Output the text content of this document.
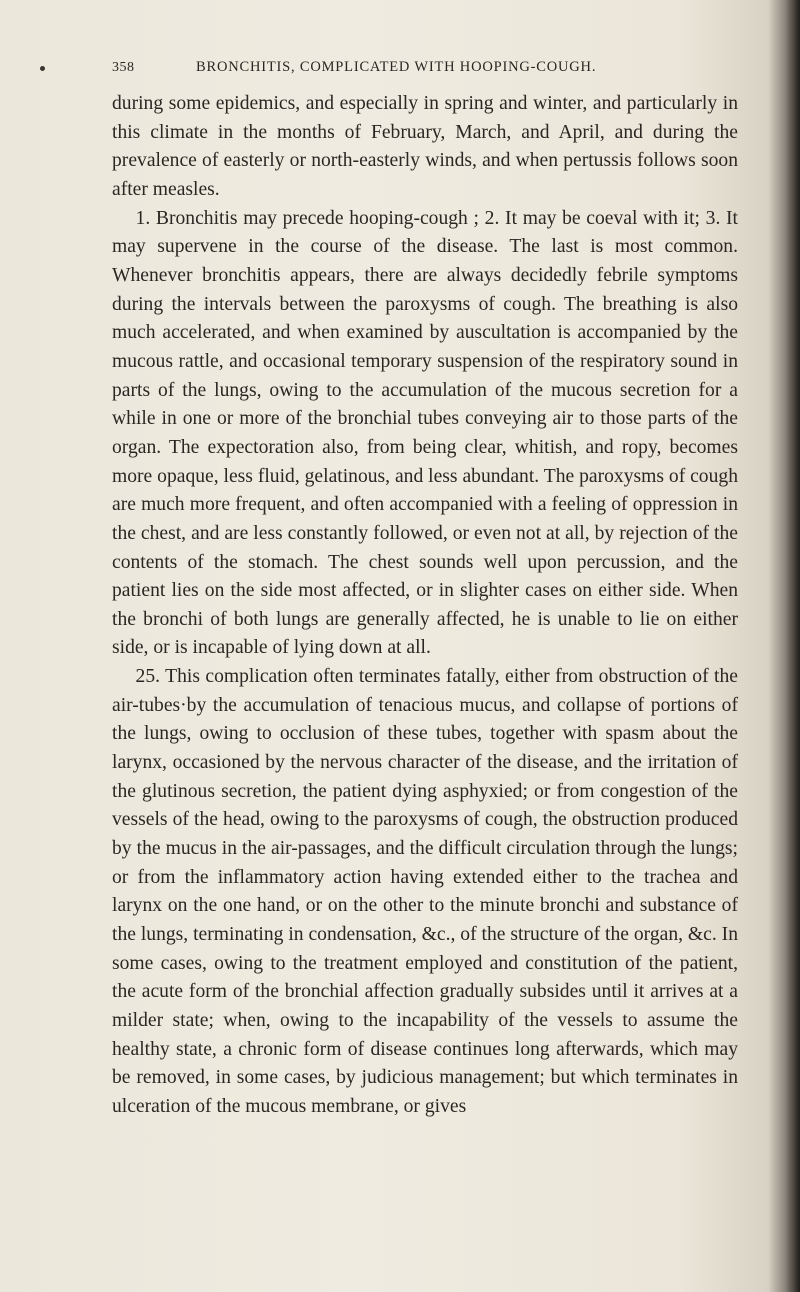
358	BRONCHITIS, COMPLICATED WITH HOOPING-COUGH.

during some epidemics, and especially in spring and winter, and particularly in this climate in the months of February, March, and April, and during the prevalence of easterly or north-easterly winds, and when pertussis follows soon after measles.

1. Bronchitis may precede hooping-cough ; 2. It may be coeval with it; 3. It may supervene in the course of the disease. The last is most common. Whenever bronchitis appears, there are always decidedly febrile symptoms during the intervals between the paroxysms of cough. The breathing is also much accelerated, and when examined by auscultation is accompanied by the mucous rattle, and occasional temporary suspension of the respiratory sound in parts of the lungs, owing to the accumulation of the mucous secretion for a while in one or more of the bronchial tubes conveying air to those parts of the organ. The expectoration also, from being clear, whitish, and ropy, becomes more opaque, less fluid, gelatinous, and less abundant. The paroxysms of cough are much more frequent, and often accompanied with a feeling of oppression in the chest, and are less constantly followed, or even not at all, by rejection of the contents of the stomach. The chest sounds well upon percussion, and the patient lies on the side most affected, or in slighter cases on either side. When the bronchi of both lungs are generally affected, he is unable to lie on either side, or is incapable of lying down at all.

25. This complication often terminates fatally, either from obstruction of the air-tubes·by the accumulation of tenacious mucus, and collapse of portions of the lungs, owing to occlusion of these tubes, together with spasm about the larynx, occasioned by the nervous character of the disease, and the irritation of the glutinous secretion, the patient dying asphyxied; or from congestion of the vessels of the head, owing to the paroxysms of cough, the obstruction produced by the mucus in the air-passages, and the difficult circulation through the lungs; or from the inflammatory action having extended either to the trachea and larynx on the one hand, or on the other to the minute bronchi and substance of the lungs, terminating in condensation, &c., of the structure of the organ, &c. In some cases, owing to the treatment employed and constitution of the patient, the acute form of the bronchial affection gradually subsides until it arrives at a milder state; when, owing to the incapability of the vessels to assume the healthy state, a chronic form of disease continues long afterwards, which may be removed, in some cases, by judicious management; but which terminates in ulceration of the mucous membrane, or gives
